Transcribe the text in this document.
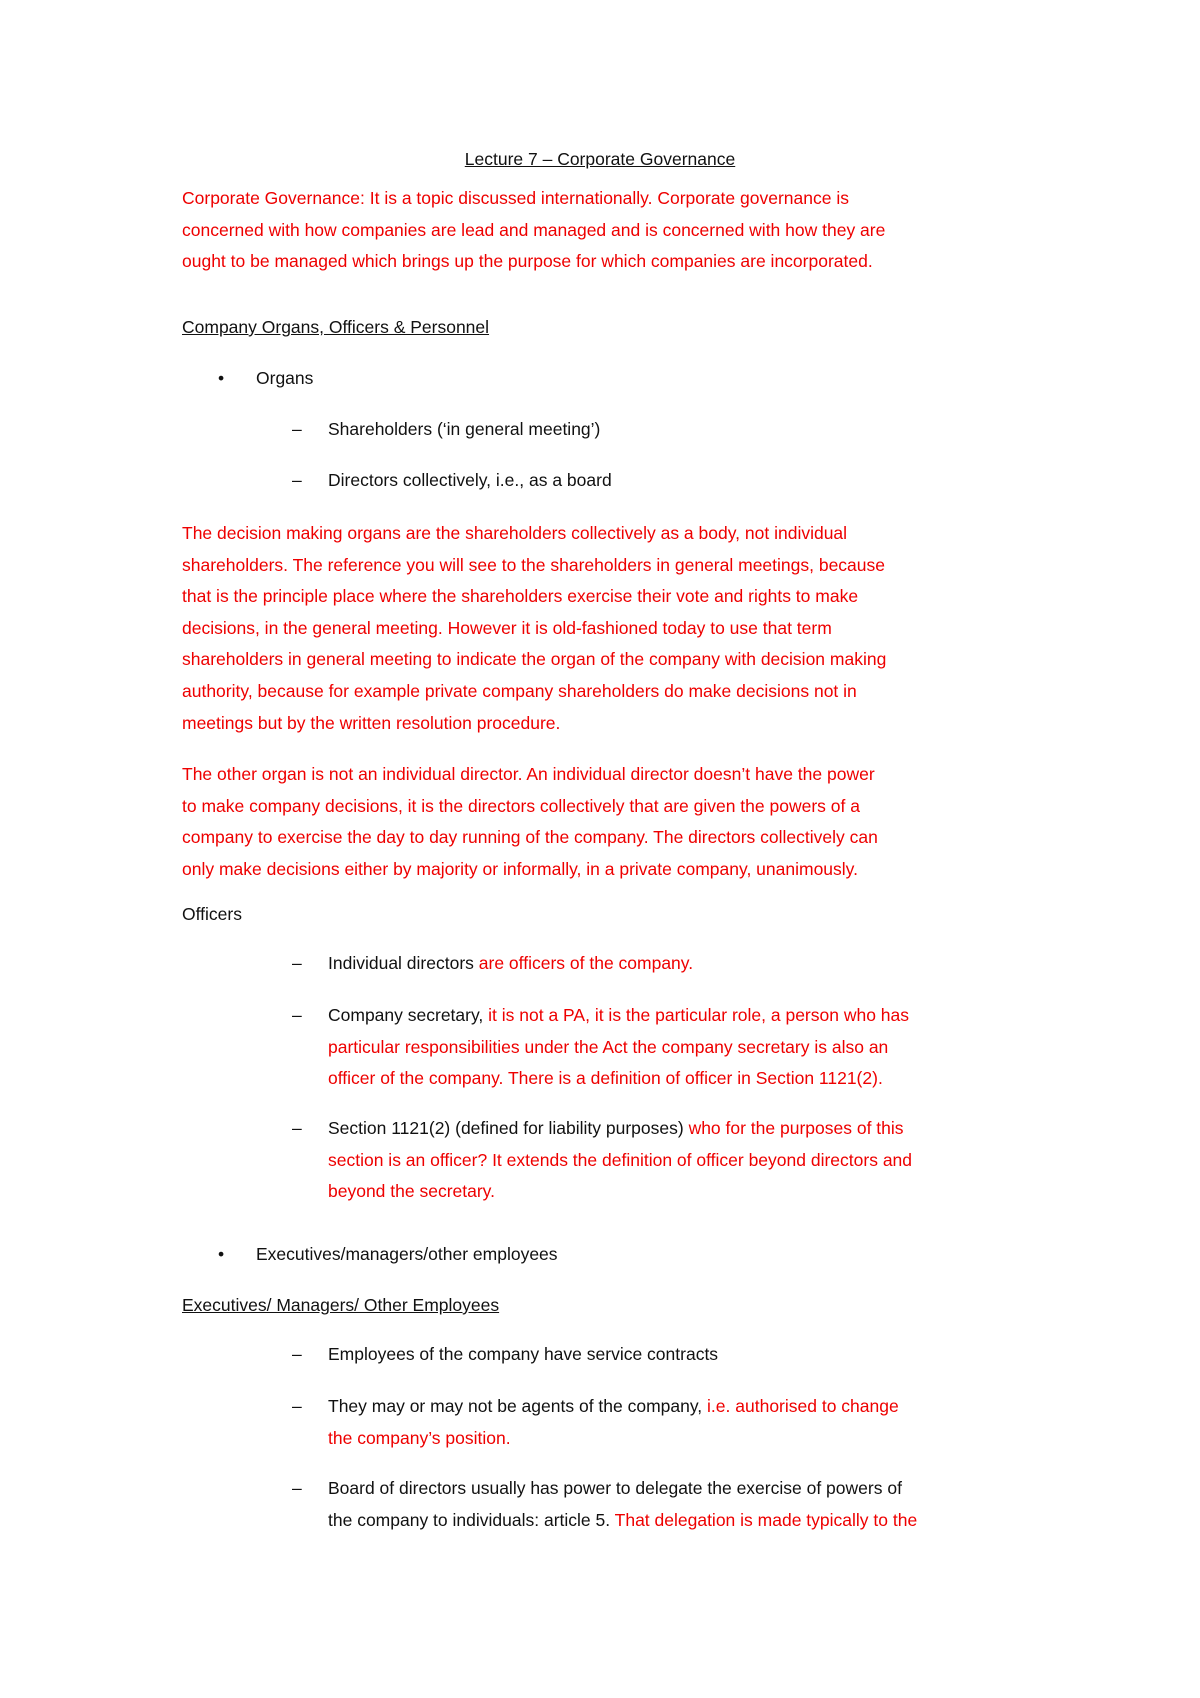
Lecture 7 – Corporate Governance
Corporate Governance: It is a topic discussed internationally. Corporate governance is
concerned with how companies are lead and managed and is concerned with how they are
ought to be managed which brings up the purpose for which companies are incorporated.
Company Organs, Officers & Personnel
• Organs
– Shareholders (‘in general meeting’)
– Directors collectively, i.e., as a board
The decision making organs are the shareholders collectively as a body, not individual
shareholders. The reference you will see to the shareholders in general meetings, because
that is the principle place where the shareholders exercise their vote and rights to make
decisions, in the general meeting. However it is old-fashioned today to use that term
shareholders in general meeting to indicate the organ of the company with decision making
authority, because for example private company shareholders do make decisions not in
meetings but by the written resolution procedure.
The other organ is not an individual director. An individual director doesn’t have the power
to make company decisions, it is the directors collectively that are given the powers of a
company to exercise the day to day running of the company. The directors collectively can
only make decisions either by majority or informally, in a private company, unanimously.
Officers
– Individual directors are officers of the company.
– Company secretary, it is not a PA, it is the particular role, a person who has
particular responsibilities under the Act the company secretary is also an
officer of the company. There is a definition of officer in Section 1121(2).
– Section 1121(2) (defined for liability purposes) who for the purposes of this
section is an officer? It extends the definition of officer beyond directors and
beyond the secretary.
• Executives/managers/other employees
Executives/ Managers/ Other Employees
– Employees of the company have service contracts
– They may or may not be agents of the company, i.e. authorised to change
the company’s position.
– Board of directors usually has power to delegate the exercise of powers of
the company to individuals: article 5. That delegation is made typically to the
